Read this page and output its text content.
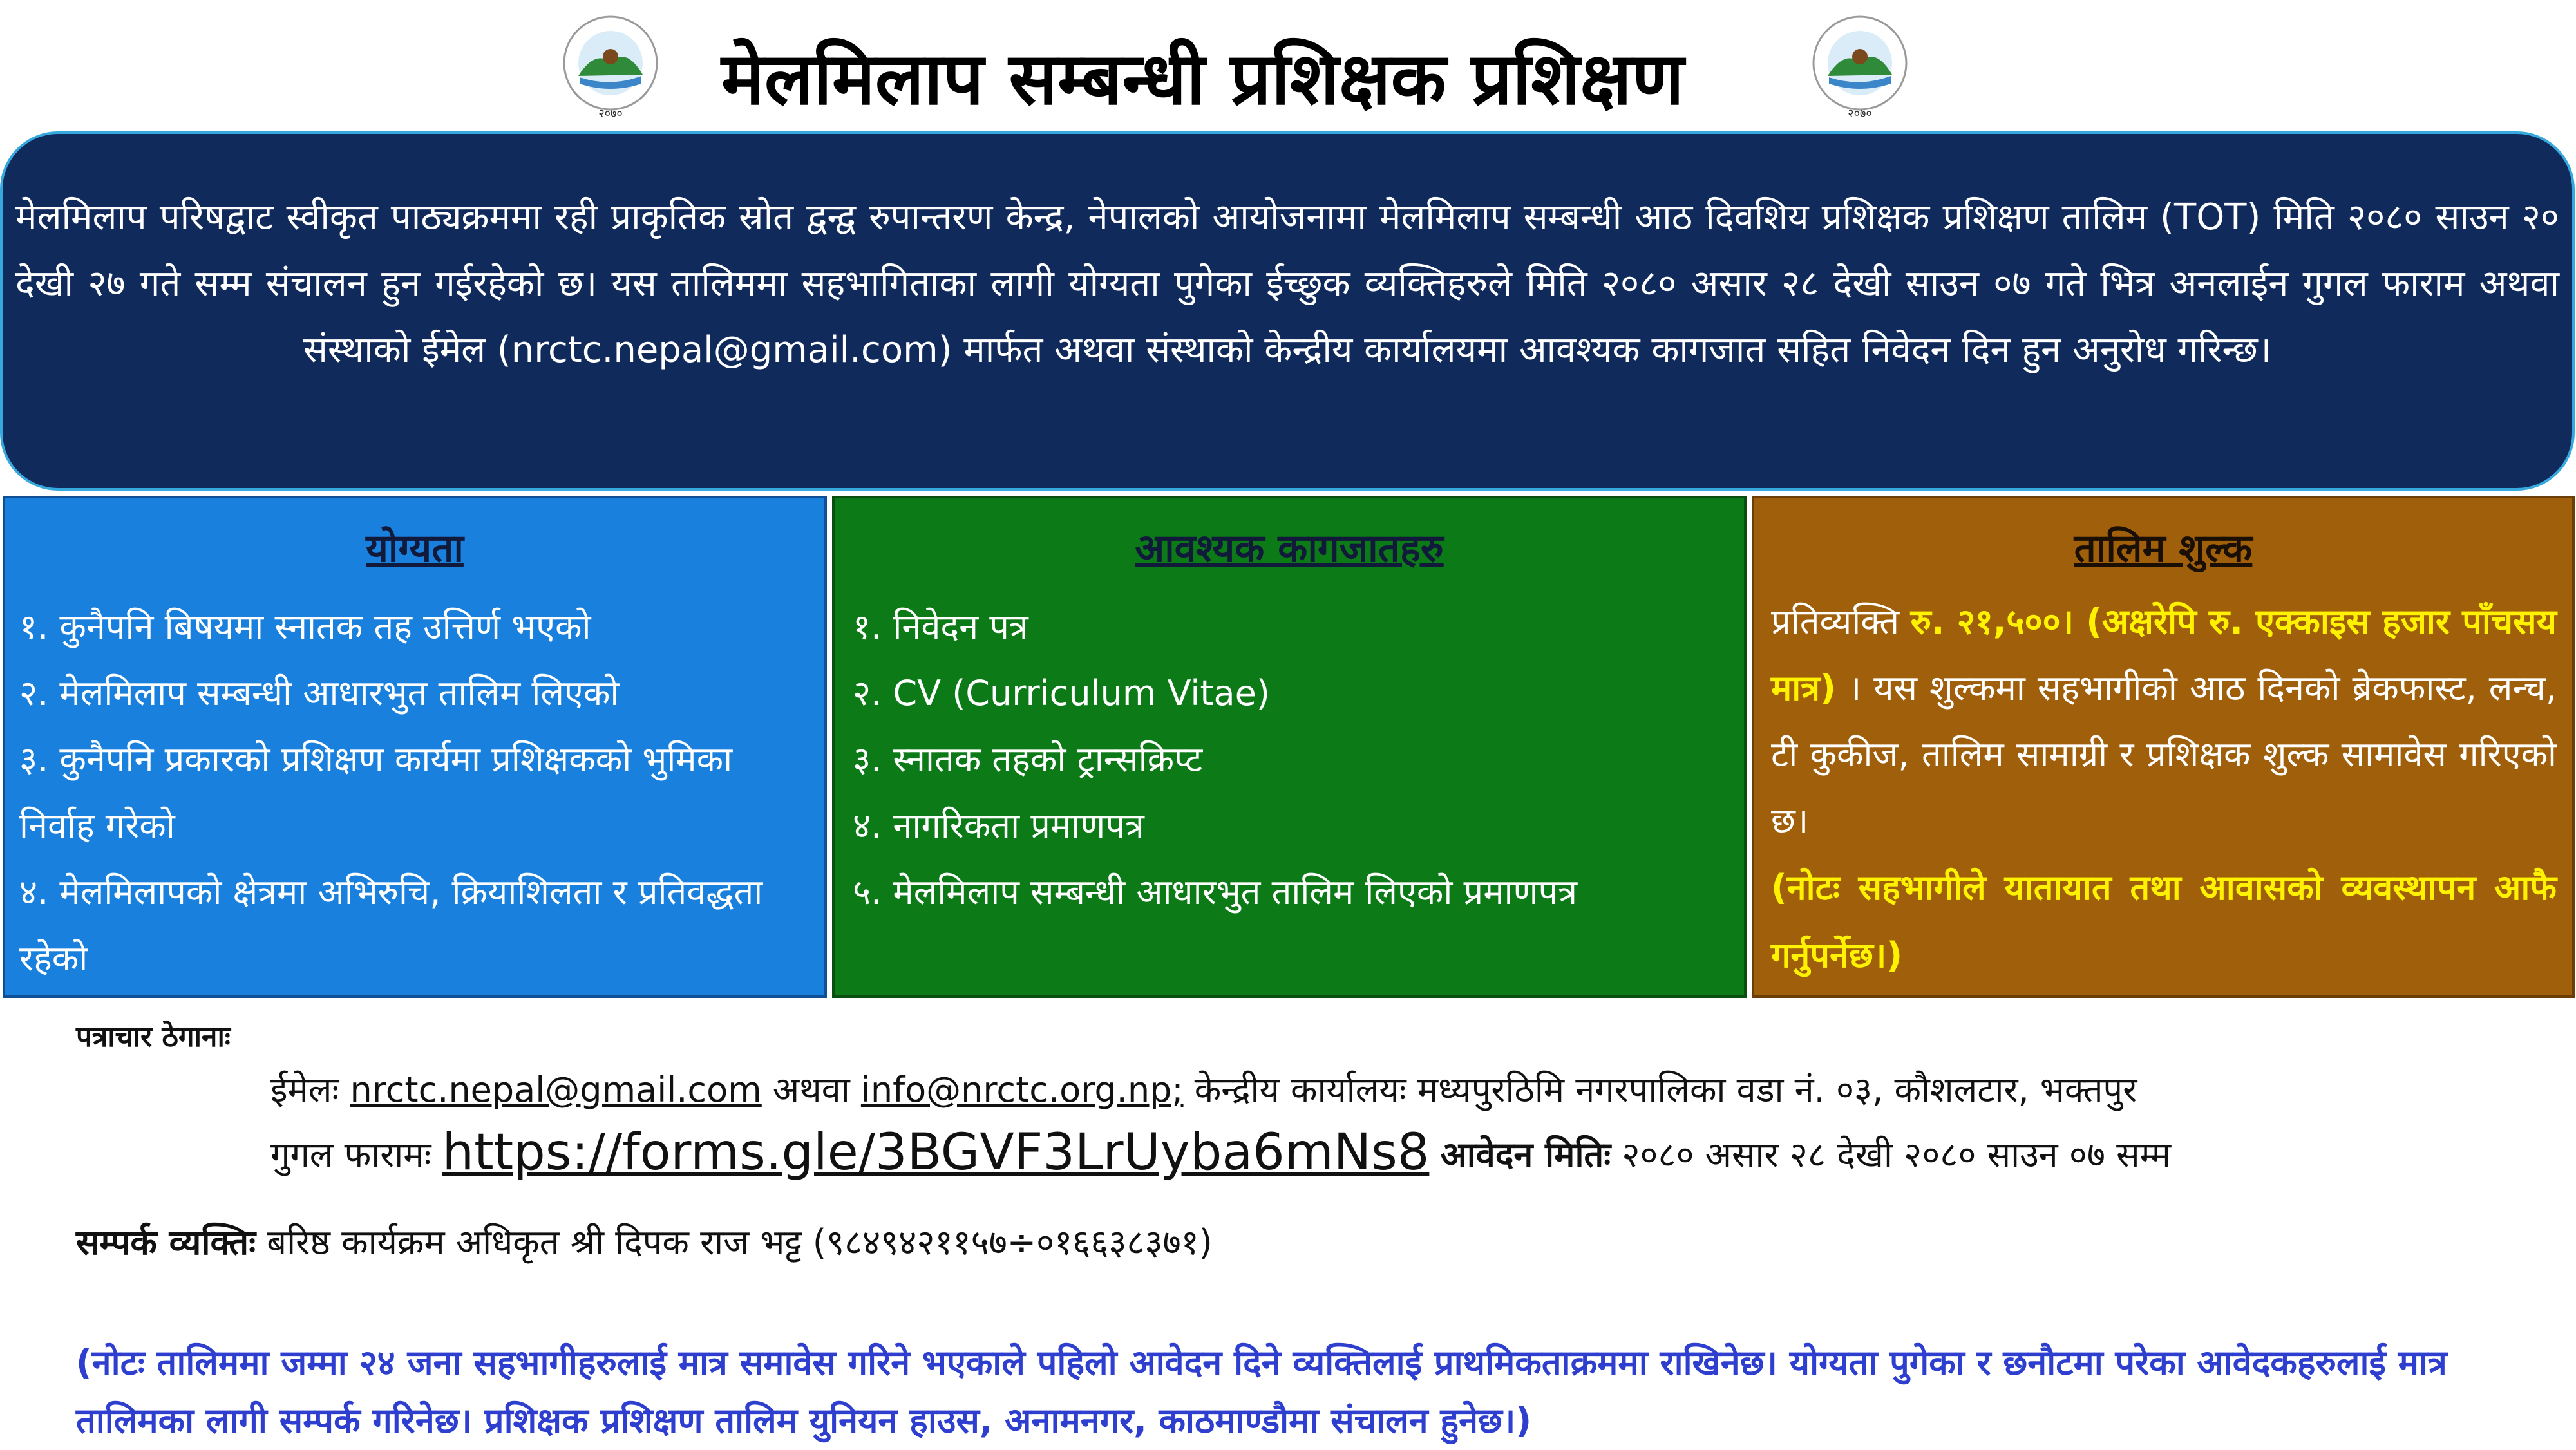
२०७० मेलमिलाप सम्बन्धी प्रशिक्षक प्रशिक्षण	२०७०
मेलमिलाप परिषद्वाट स्वीकृत पाठ्यक्रममा रही प्राकृतिक स्रोत द्वन्द्व रुपान्तरण केन्द्र, नेपालको आयोजनामा मेलमिलाप सम्बन्धी आठ दिवशिय प्रशिक्षक प्रशिक्षण तालिम (TOT) मिति २०८० साउन २० देखी २७ गते सम्म संचालन हुन गईरहेको छ। यस तालिममा सहभागिताका लागी योग्यता पुगेका ईच्छुक व्यक्तिहरुले मिति २०८० असार २८ देखी साउन ०७ गते भित्र अनलाईन गुगल फाराम अथवा संस्थाको ईमेल (nrctc.nepal@gmail.com) मार्फत अथवा संस्थाको केन्द्रीय कार्यालयमा आवश्यक कागजात सहित निवेदन दिन हुन अनुरोध गरिन्छ।
योग्यता

१. कुनैपनि बिषयमा स्नातक तह उत्तिर्ण भएको

२. मेलमिलाप सम्बन्धी आधारभुत तालिम लिएको

३. कुनैपनि प्रकारको प्रशिक्षण कार्यमा प्रशिक्षकको भुमिका निर्वाह गरेको

४. मेलमिलापको क्षेत्रमा अभिरुचि, क्रियाशिलता र प्रतिवद्धता रहेको

आवश्यक कागजातहरु

१. निवेदन पत्र

२. CV (Curriculum Vitae)

३. स्नातक तहको ट्रान्सक्रिप्ट

४. नागरिकता प्रमाणपत्र

५. मेलमिलाप सम्बन्धी आधारभुत तालिम लिएको प्रमाणपत्र

तालिम शुल्क
प्रतिव्यक्ति रु. २१,५००। (अक्षरेपि रु. एक्काइस हजार पाँचसय मात्र) । यस शुल्कमा सहभागीको आठ दिनको ब्रेकफास्ट, लन्च, टी कुकीज, तालिम सामाग्री र प्रशिक्षक शुल्क सामावेस गरिएको छ।
(नोटः सहभागीले यातायात तथा आवासको व्यवस्थापन आफै गर्नुपर्नेछ।)
पत्राचार ठेगानाः
ईमेलः nrctc.nepal@gmail.com अथवा info@nrctc.org.np; केन्द्रीय कार्यालयः मध्यपुरठिमि नगरपालिका वडा नं. ०३, कौशलटार, भक्तपुर
गुगल फारामः https://forms.gle/3BGVF3LrUyba6mNs8 आवेदन मितिः २०८० असार २८ देखी २०८० साउन ०७ सम्म
सम्पर्क व्यक्तिः बरिष्ठ कार्यक्रम अधिकृत श्री दिपक राज भट्ट (९८४९४२११५७÷०१६६३८३७१)
(नोटः तालिममा जम्मा २४ जना सहभागीहरुलाई मात्र समावेस गरिने भएकाले पहिलो आवेदन दिने व्यक्तिलाई प्राथमिकताक्रममा राखिनेछ। योग्यता पुगेका र छनौटमा परेका आवेदकहरुलाई मात्र तालिमका लागी सम्पर्क गरिनेछ। प्रशिक्षक प्रशिक्षण तालिम युनियन हाउस, अनामनगर, काठमाण्डौमा संचालन हुनेछ।)
